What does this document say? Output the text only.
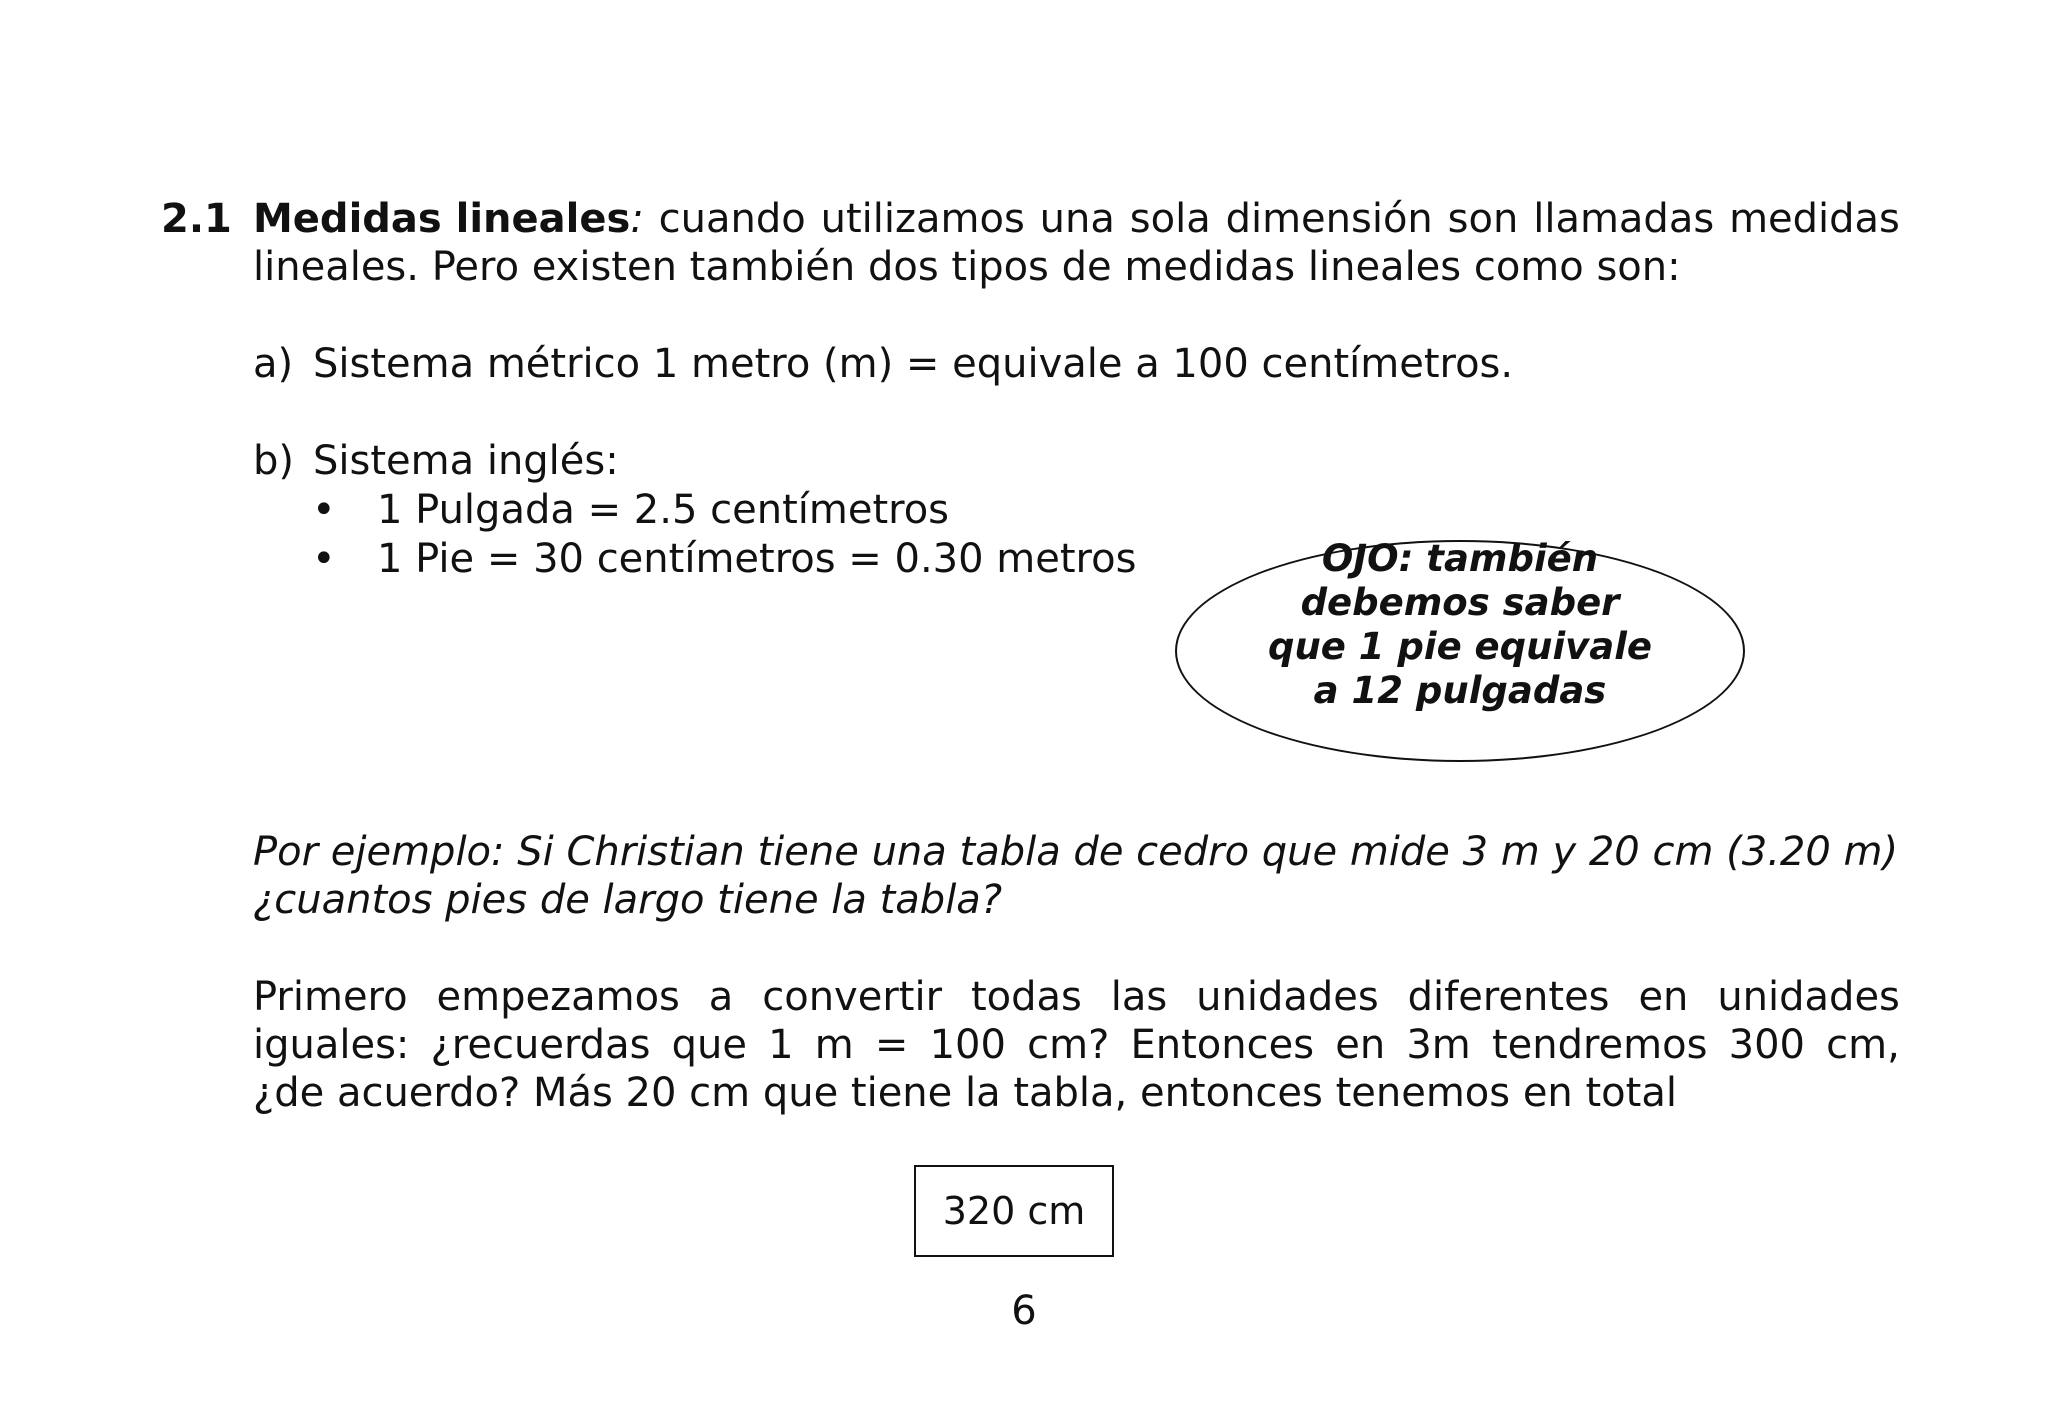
2.1 Medidas lineales: cuando utilizamos una sola dimensión son llamadas medidas
lineales. Pero existen también dos tipos de medidas lineales como son:
a) Sistema métrico 1 metro (m) = equivale a 100 centímetros.
b) Sistema inglés:
• 1 Pulgada = 2.5 centímetros
• 1 Pie = 30 centímetros = 0.30 metros	OJO: también
debemos saber
que 1 pie equivale
a 12 pulgadas
Por ejemplo: Si Christian tiene una tabla de cedro que mide 3 m y 20 cm (3.20 m)
¿cuantos pies de largo tiene la tabla?
Primero empezamos a convertir todas las unidades diferentes en unidades
iguales: ¿recuerdas que 1 m = 100 cm? Entonces en 3m tendremos 300 cm,
¿de acuerdo? Más 20 cm que tiene la tabla, entonces tenemos en total
320 cm
6
